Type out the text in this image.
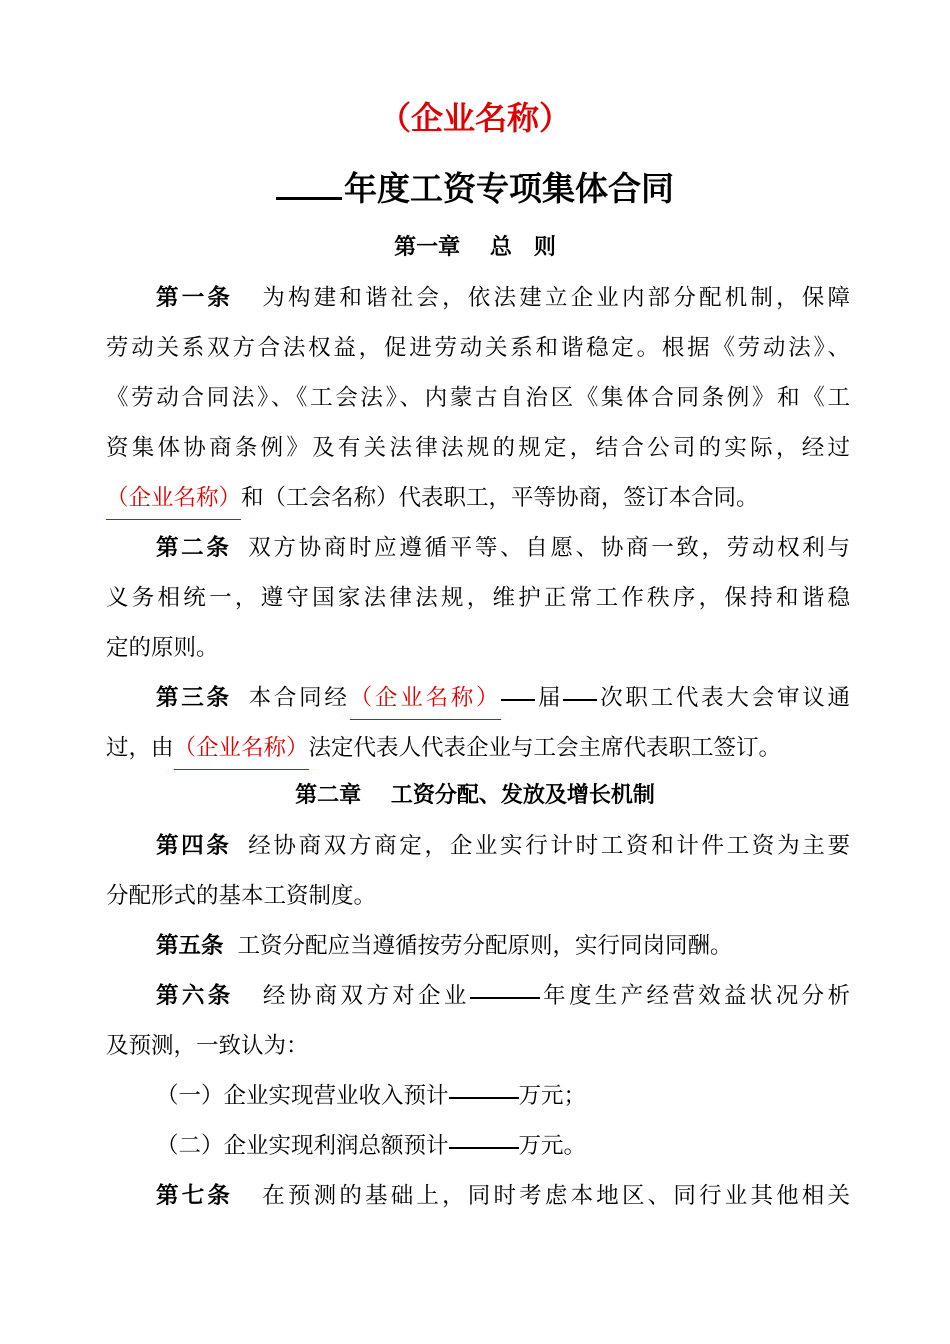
（企业名称）
年度工资专项集体合同
第一章　 总　则

第一条 为构建和谐社会，依法建立企业内部分配机制，保障

劳动关系双方合法权益，促进劳动关系和谐稳定。根据《劳动法》、

《劳动合同法》、《工会法》、内蒙古自治区《集体合同条例》和《工

资集体协商条例》及有关法律法规的规定，结合公司的实际，经过

（企业名称）和（工会名称）代表职工，平等协商，签订本合同。

第二条 双方协商时应遵循平等、自愿、协商一致，劳动权利与

义务相统一，遵守国家法律法规，维护正常工作秩序，保持和谐稳

定的原则。

第三条 本合同经（企业名称） 届 次职工代表大会审议通

过，由（企业名称）法定代表人代表企业与工会主席代表职工签订。

第二章　 工资分配、发放及增长机制

第四条 经协商双方商定，企业实行计时工资和计件工资为主要

分配形式的基本工资制度。

第五条 工资分配应当遵循按劳分配原则，实行同岗同酬。

第六条 经协商双方对企业	年度生产经营效益状况分析

及预测，一致认为：

（一）企业实现营业收入预计	万元；

（二）企业实现利润总额预计	万元。

第七条 在预测的基础上，同时考虑本地区、同行业其他相关
